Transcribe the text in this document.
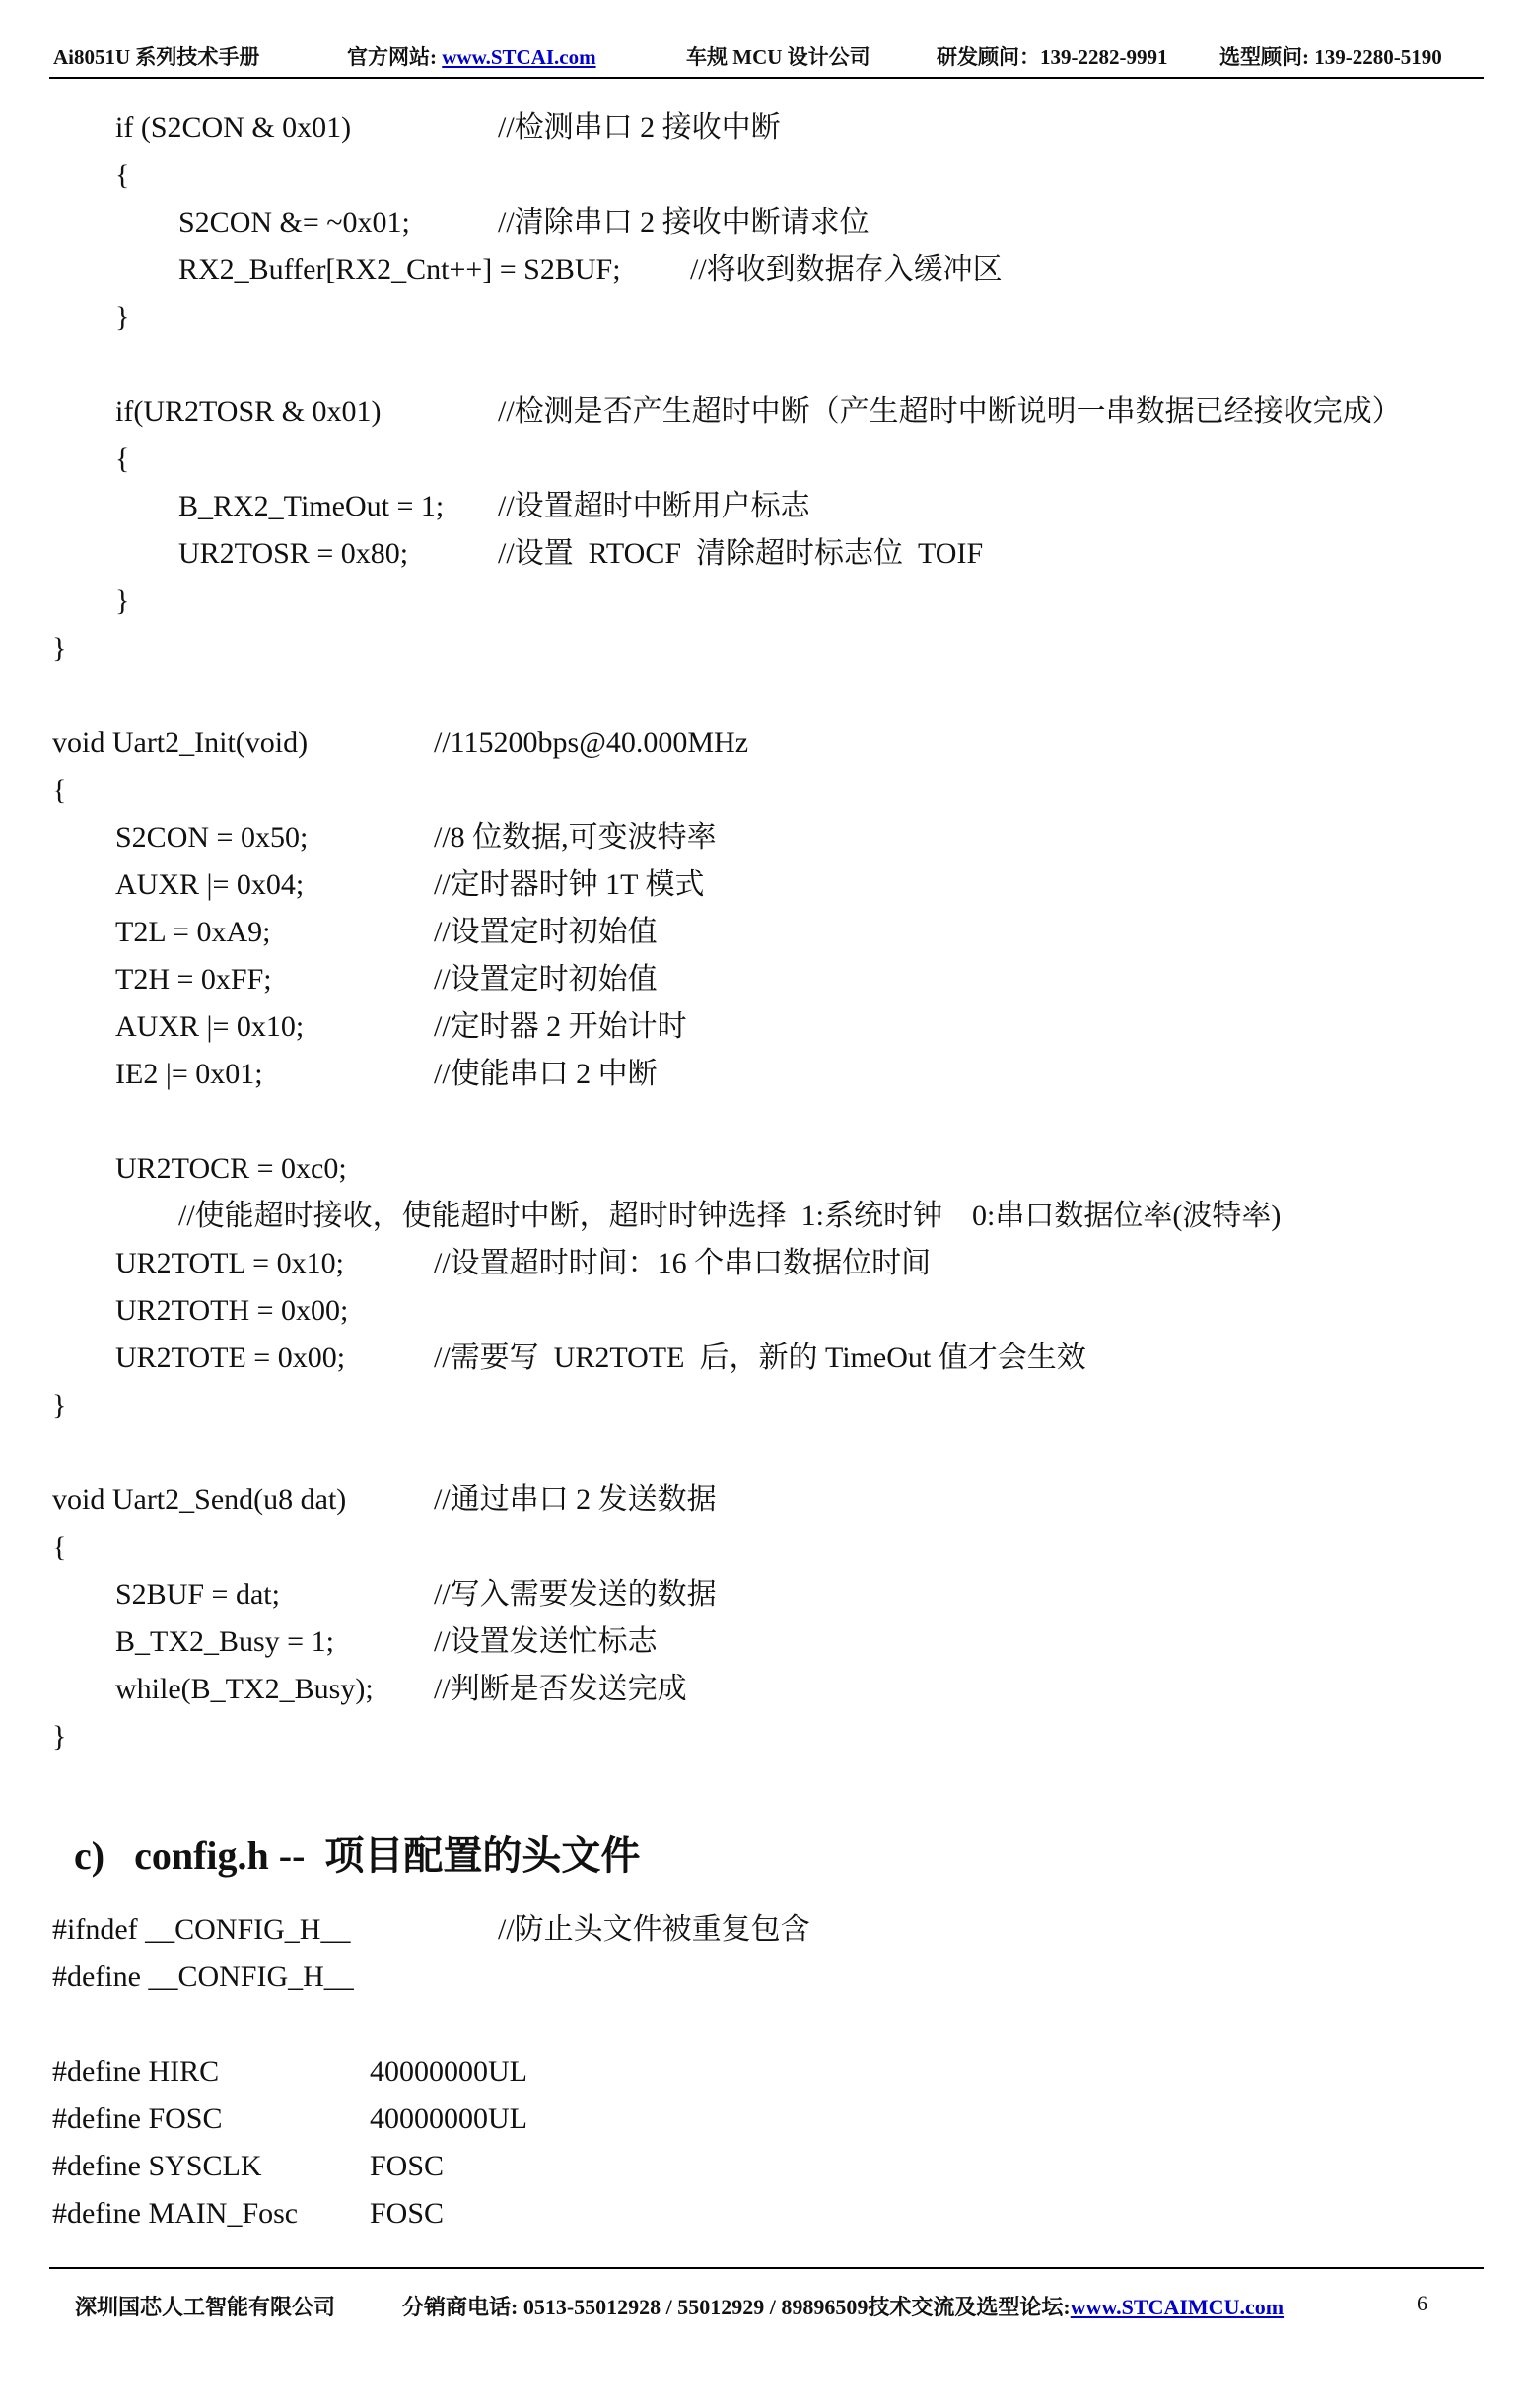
Ai8051U 系列技术手册	官方网站: www.STCAI.com	车规 MCU 设计公司	研发顾问：139-2282-9991	选型顾问: 139-2280-5190
if (S2CON & 0x01)	//检测串口 2 接收中断
{
S2CON &= ~0x01;	//清除串口 2 接收中断请求位
RX2_Buffer[RX2_Cnt++] = S2BUF; //将收到数据存入缓冲区
}
if(UR2TOSR & 0x01)	//检测是否产生超时中断（产生超时中断说明一串数据已经接收完成）
{
B_RX2_TimeOut = 1; //设置超时中断用户标志
UR2TOSR = 0x80;	//设置  RTOCF  清除超时标志位  TOIF
}
}
void Uart2_Init(void)	//115200bps@40.000MHz
{
S2CON = 0x50;	//8 位数据,可变波特率
AUXR |= 0x04;	//定时器时钟 1T 模式
T2L = 0xA9;	//设置定时初始值
T2H = 0xFF;	//设置定时初始值
AUXR |= 0x10;	//定时器 2 开始计时
IE2 |= 0x01;	//使能串口 2 中断
UR2TOCR = 0xc0;
//使能超时接收，使能超时中断，超时时钟选择  1:系统时钟    0:串口数据位率(波特率)
UR2TOTL = 0x10;	//设置超时时间：16 个串口数据位时间
UR2TOTH = 0x00;
UR2TOTE = 0x00;	//需要写  UR2TOTE  后，新的 TimeOut 值才会生效
}
void Uart2_Send(u8 dat)	//通过串口 2 发送数据
{
S2BUF = dat;	//写入需要发送的数据
B_TX2_Busy = 1;	//设置发送忙标志
while(B_TX2_Busy); //判断是否发送完成
}
c)   config.h --  项目配置的头文件
#ifndef __CONFIG_H__	//防止头文件被重复包含
#define __CONFIG_H__
#define HIRC	40000000UL
#define FOSC	40000000UL
#define SYSCLK	FOSC
#define MAIN_Fosc FOSC
深圳国芯人工智能有限公司	分销商电话: 0513-55012928 / 55012929 / 89896509技术交流及选型论坛:www.STCAIMCU.com	6
